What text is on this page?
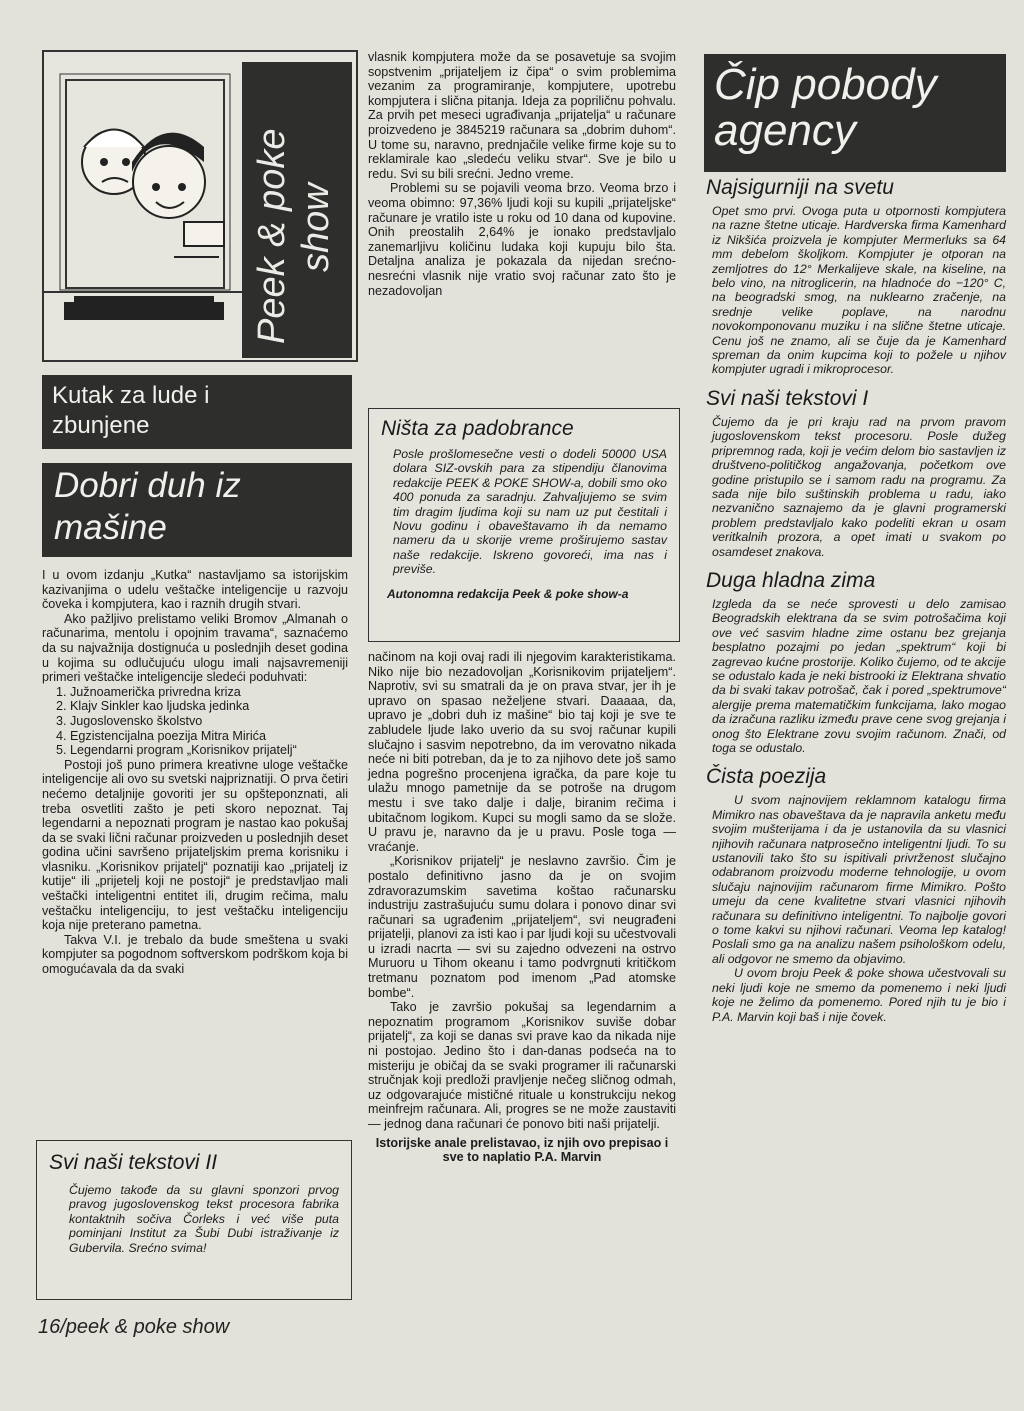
Peek & poke show
Kutak za lude i zbunjene
Dobri duh iz mašine

I u ovom izdanju „Kutka“ nastavljamo sa istorijskim kazivanjima o udelu veštačke inteligencije u razvoju čoveka i kompjutera, kao i raznih drugih stvari.

Ako pažljivo prelistamo veliki Bromov „Almanah o računarima, mentolu i opojnim travama“, saznaćemo da su najvažnija dostignuća u poslednjih deset godina u kojima su odlučujuću ulogu imali najsavremeniji primeri veštačke inteligencije sledeći poduhvati:

1. Južnoamerička privredna kriza
2. Klajv Sinkler kao ljudska jedinka
3. Jugoslovensko školstvo
4. Egzistencijalna poezija Mitra Mirića
5. Legendarni program „Korisnikov prijatelj“

Postoji još puno primera kreativne uloge veštačke inteligencije ali ovo su svetski najpriznatiji. O prva četiri nećemo detaljnije govoriti jer su opšteponznati, ali treba osvetliti zašto je peti skoro nepoznat. Taj legendarni a nepoznati program je nastao kao pokušaj da se svaki lični računar proizveden u poslednjih deset godina učini savršeno prijateljskim prema korisniku i vlasniku. „Korisnikov prijatelj“ poznatiji kao „prijatelj iz kutije“ ili „prijetelj koji ne postoji“ je predstavljao mali veštački inteligentni entitet ili, drugim rečima, malu veštačku inteligenciju, to jest veštačku inteligenciju koja nije preterano pametna.

Takva V.I. je trebalo da bude smeštena u svaki kompjuter sa pogodnom softverskom podrškom koja bi omogućavala da da svaki

Svi naši tekstovi II
Čujemo takođe da su glavni sponzori prvog pravog jugoslovenskog tekst procesora fabrika kontaktnih sočiva Čorleks i već više puta pominjani Institut za Šubi Dubi istraživanje iz Gubervila. Srećno svima!
16/peek & poke show

vlasnik kompjutera može da se posavetuje sa svojim sopstvenim „prijateljem iz čipa“ o svim problemima vezanim za programiranje, kompjutere, upotrebu kompjutera i slična pitanja. Ideja za popriličnu pohvalu. Za prvih pet meseci ugrađivanja „prijatelja“ u računare proizvedeno je 3845219 računara sa „dobrim duhom“. U tome su, naravno, prednjačile velike firme koje su to reklamirale kao „sledeću veliku stvar“. Sve je bilo u redu. Svi su bili srećni. Jedno vreme.

Problemi su se pojavili veoma brzo. Veoma brzo i veoma obimno: 97,36% ljudi koji su kupili „prijateljske“ računare je vratilo iste u roku od 10 dana od kupovine. Onih preostalih 2,64% je ionako predstavljalo zanemarljivu količinu ludaka koji kupuju bilo šta. Detaljna analiza je pokazala da nijedan srećno-nesrećni vlasnik nije vratio svoj računar zato što je nezadovoljan

Ništa za padobrance
Posle prošlomesečne vesti o dodeli 50000 USA dolara SIZ-ovskih para za stipendiju članovima redakcije PEEK & POKE SHOW-a, dobili smo oko 400 ponuda za saradnju. Zahvaljujemo se svim tim dragim ljudima koji su nam uz put čestitali i Novu godinu i obaveštavamo ih da nemamo nameru da u skorije vreme proširujemo sastav naše redakcije. Iskreno govoreći, ima nas i previše.
Autonomna redakcija Peek & poke show-a

načinom na koji ovaj radi ili njegovim karakteristikama. Niko nije bio nezadovoljan „Korisnikovim prijateljem“. Naprotiv, svi su smatrali da je on prava stvar, jer ih je upravo on spasao neželjene stvari. Daaaaa, da, upravo je „dobri duh iz mašine“ bio taj koji je sve te zabludele ljude lako uverio da su svoj računar kupili slučajno i sasvim nepotrebno, da im verovatno nikada neće ni biti potreban, da je to za njihovo dete još samo jedna pogrešno procenjena igračka, da pare koje tu ulažu mnogo pametnije da se potroše na drugom mestu i sve tako dalje i dalje, biranim rečima i ubitačnom logikom. Kupci su mogli samo da se slože. U pravu je, naravno da je u pravu. Posle toga — vraćanje.

„Korisnikov prijatelj“ je neslavno završio. Čim je postalo definitivno jasno da je on svojim zdravorazumskim savetima koštao računarsku industriju zastrašujuću sumu dolara i ponovo dinar svi računari sa ugrađenim „prijateljem“, svi neugrađeni prijatelji, planovi za isti kao i par ljudi koji su učestvovali u izradi nacrta — svi su zajedno odvezeni na ostrvo Muruoru u Tihom okeanu i tamo podvrgnuti kritičkom tretmanu poznatom pod imenom „Pad atomske bombe“.

Tako je završio pokušaj sa legendarnim a nepoznatim programom „Korisnikov suviše dobar prijatelj“, za koji se danas svi prave kao da nikada nije ni postojao. Jedino što i dan-danas podseća na to misteriju je običaj da se svaki programer ili računarski stručnjak koji predloži pravljenje nečeg sličnog odmah, uz odgovarajuće mističné rituale u konstrukciju nekog meinfrejm računara. Ali, progres se ne može zaustaviti — jednog dana računari će ponovo biti naši prijatelji.

Istorijske anale prelistavao, iz njih ovo prepisao i sve to naplatio P.A. Marvin

Čip pobody agency
Najsigurniji na svetu
Opet smo prvi. Ovoga puta u otpornosti kompjutera na razne štetne uticaje. Hardverska firma Kamenhard iz Nikšića proizvela je kompjuter Mermerluks sa 64 mm debelom školjkom. Kompjuter je otporan na zemljotres do 12° Merkalijeve skale, na kiseline, na belo vino, na nitroglicerin, na hladnoće do −120° C, na beogradski smog, na nuklearno zračenje, na srednje velike poplave, na narodnu novokomponovanu muziku i na slične štetne uticaje. Cenu još ne znamo, ali se čuje da je Kamenhard spreman da onim kupcima koji to požele u njihov kompjuter ugradi i mikroprocesor.
Svi naši tekstovi I
Čujemo da je pri kraju rad na prvom pravom jugoslovenskom tekst procesoru. Posle dužeg pripremnog rada, koji je većim delom bio sastavljen iz društveno-političkog angažovanja, početkom ove godine pristupilo se i samom radu na programu. Za sada nije bilo suštinskih problema u radu, iako nezvanično saznajemo da je glavni programerski problem predstavljalo kako podeliti ekran u osam veritkalnih prozora, a opet imati u svakom po osamdeset znakova.
Duga hladna zima
Izgleda da se neće sprovesti u delo zamisao Beogradskih elektrana da se svim potrošačima koji ove već sasvim hladne zime ostanu bez grejanja besplatno pozajmi po jedan „spektrum“ koji bi zagrevao kućne prostorije. Koliko čujemo, od te akcije se odustalo kada je neki bistrooki iz Elektrana shvatio da bi svaki takav potrošač, čak i pored „spektrumove“ alergije prema matematičkim funkcijama, lako mogao da izračuna razliku između prave cene svog grejanja i onog što Elektrane zovu svojim računom. Znači, od toga se odustalo.
Čista poezija
U svom najnovijem reklamnom katalogu firma Mimikro nas obaveštava da je napravila anketu među svojim mušterijama i da je ustanovila da su vlasnici njihovih računara natprosečno inteligentni ljudi. To su ustanovili tako što su ispitivali privrženost slučajno odabranom proizvodu moderne tehnologije, u ovom slučaju najnovijim računarom firme Mimikro. Pošto umeju da cene kvalitetne stvari vlasnici njihovih računara su definitivno inteligentni. To najbolje govori o tome kakvi su njihovi računari. Veoma lep katalog! Poslali smo ga na analizu našem psihološkom odelu, ali odgovor ne smemo da objavimo.
U ovom broju Peek & poke showa učestvovali su neki ljudi koje ne smemo da pomenemo i neki ljudi koje ne želimo da pomenemo. Pored njih tu je bio i P.A. Marvin koji baš i nije čovek.
